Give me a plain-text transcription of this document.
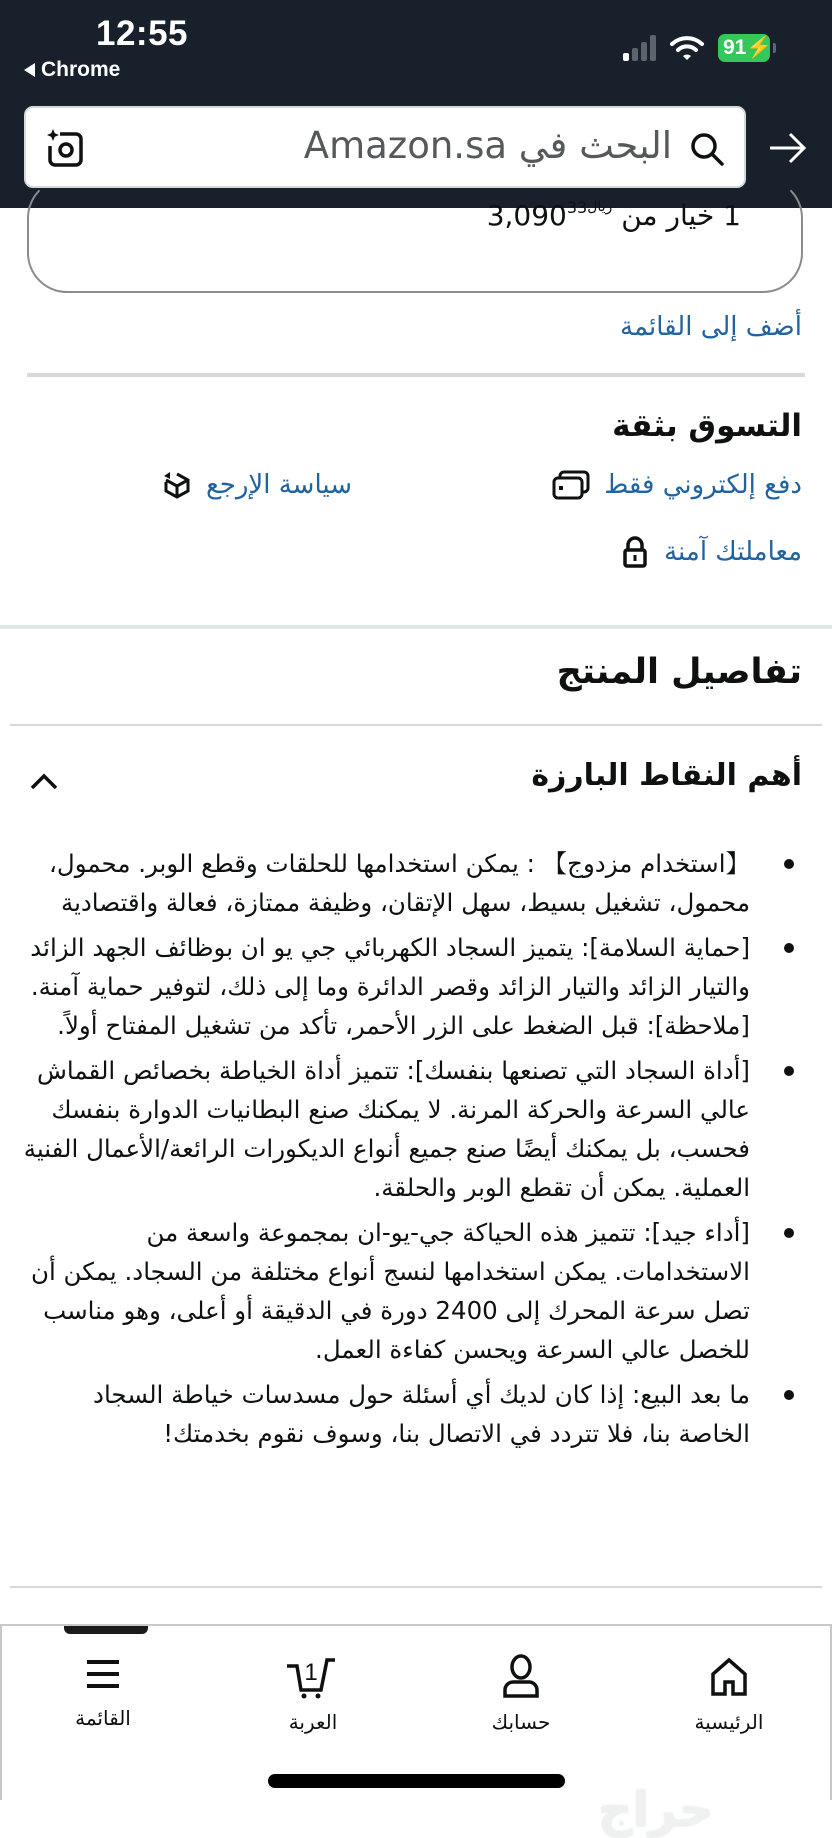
12:55
Chrome
91⚡
البحث في Amazon.sa
1 خيار من $3,090^{33ريال}$
أضف إلى القائمة
التسوق بثقة
دفع إلكتروني فقط
سياسة الإرجع
معاملتك آمنة
تفاصيل المنتج
أهم النقاط البارزة
【استخدام مزدوج】 : يمكن استخدامها للحلقات وقطع الوبر. محمول، محمول، تشغيل بسيط، سهل الإتقان، وظيفة ممتازة، فعالة واقتصادية
[حماية السلامة]: يتميز السجاد الكهربائي جي يو ان بوظائف الجهد الزائد والتيار الزائد والتيار الزائد وقصر الدائرة وما إلى ذلك، لتوفير حماية آمنة. [ملاحظة]: قبل الضغط على الزر الأحمر، تأكد من تشغيل المفتاح أولاً.
[أداة السجاد التي تصنعها بنفسك]: تتميز أداة الخياطة بخصائص القماش عالي السرعة والحركة المرنة. لا يمكنك صنع البطانيات الدوارة بنفسك فحسب، بل يمكنك أيضًا صنع جميع أنواع الديكورات الرائعة/الأعمال الفنية العملية. يمكن أن تقطع الوبر والحلقة.
[أداء جيد]: تتميز هذه الحياكة جي-يو-ان بمجموعة واسعة من الاستخدامات. يمكن استخدامها لنسج أنواع مختلفة من السجاد. يمكن أن تصل سرعة المحرك إلى 2400 دورة في الدقيقة أو أعلى، وهو مناسب للخصل عالي السرعة ويحسن كفاءة العمل.
ما بعد البيع: إذا كان لديك أي أسئلة حول مسدسات خياطة السجاد الخاصة بنا، فلا تتردد في الاتصال بنا، وسوف نقوم بخدمتك!
القائمة
1
العربة	حسابك	الرئيسية
حراج
